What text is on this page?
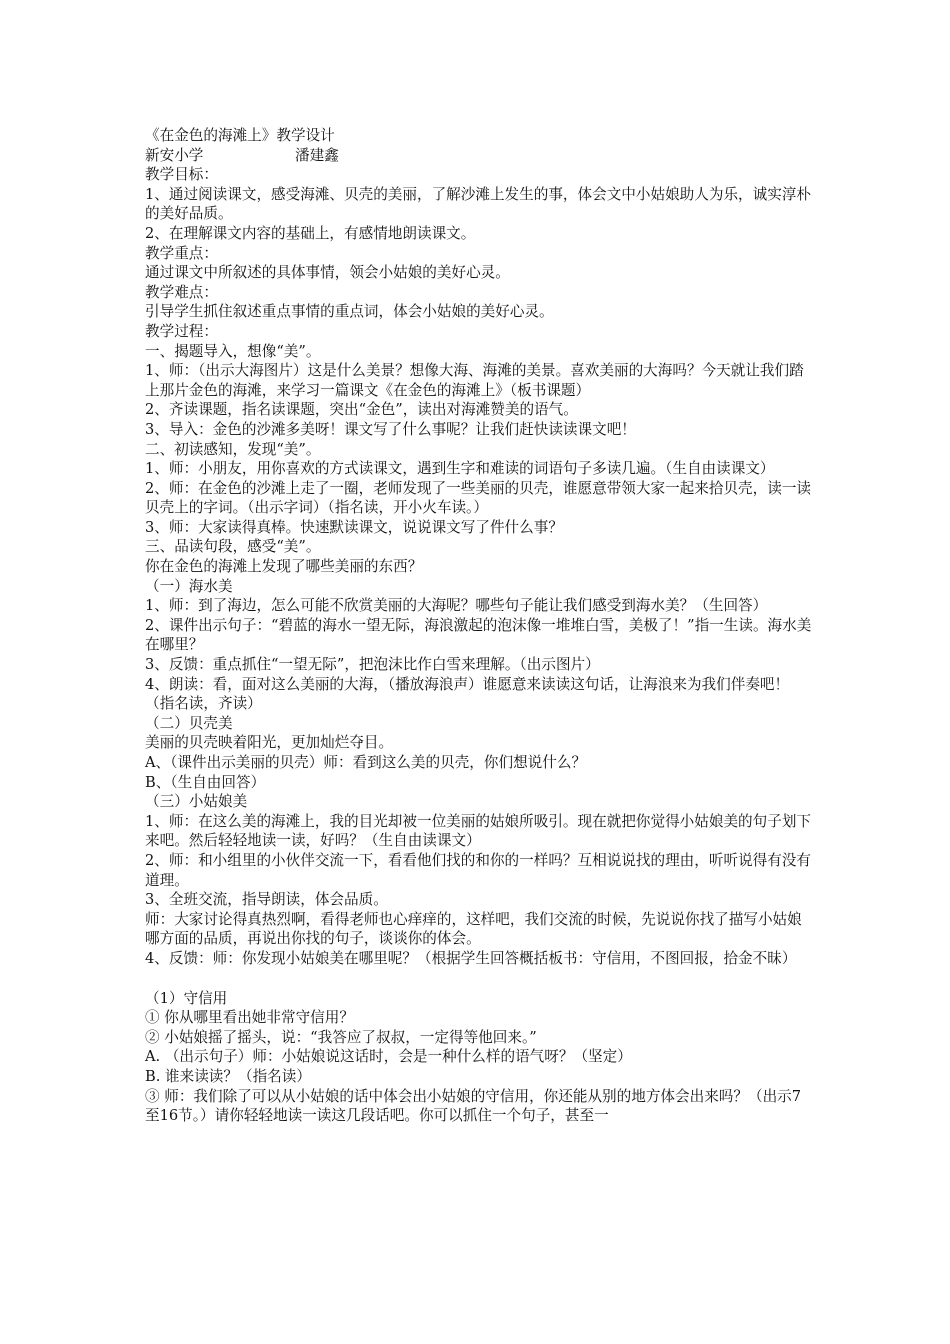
《在金色的海滩上》教学设计
新安小学	潘建鑫
教学目标：
1、通过阅读课文，感受海滩、贝壳的美丽，了解沙滩上发生的事，体会文中小姑娘助人为乐，诚实淳朴的美好品质。
2、在理解课文内容的基础上，有感情地朗读课文。
教学重点：
通过课文中所叙述的具体事情，领会小姑娘的美好心灵。
教学难点：
引导学生抓住叙述重点事情的重点词，体会小姑娘的美好心灵。
教学过程：
一、揭题导入，想像“美”。
1、师：（出示大海图片）这是什么美景？想像大海、海滩的美景。喜欢美丽的大海吗？今天就让我们踏上那片金色的海滩，来学习一篇课文《在金色的海滩上》（板书课题）
2、齐读课题，指名读课题，突出“金色”，读出对海滩赞美的语气。
3、导入：金色的沙滩多美呀！课文写了什么事呢？让我们赶快读读课文吧！
二、初读感知，发现“美”。
1、师：小朋友，用你喜欢的方式读课文，遇到生字和难读的词语句子多读几遍。（生自由读课文）
2、师：在金色的沙滩上走了一圈，老师发现了一些美丽的贝壳，谁愿意带领大家一起来拾贝壳，读一读贝壳上的字词。（出示字词）（指名读，开小火车读。）
3、师：大家读得真棒。快速默读课文，说说课文写了件什么事？
三、品读句段，感受“美”。
你在金色的海滩上发现了哪些美丽的东西？
（一）海水美
1、师：到了海边，怎么可能不欣赏美丽的大海呢？哪些句子能让我们感受到海水美？（生回答）
2、课件出示句子：“碧蓝的海水一望无际，海浪激起的泡沫像一堆堆白雪，美极了！”指一生读。海水美在哪里？
3、反馈：重点抓住“一望无际”，把泡沫比作白雪来理解。（出示图片）
4、朗读：看，面对这么美丽的大海，（播放海浪声）谁愿意来读读这句话，让海浪来为我们伴奏吧！（指名读，齐读）
（二）贝壳美
美丽的贝壳映着阳光，更加灿烂夺目。
A、（课件出示美丽的贝壳）师：看到这么美的贝壳，你们想说什么？
B、（生自由回答）
（三）小姑娘美
1、师：在这么美的海滩上，我的目光却被一位美丽的姑娘所吸引。现在就把你觉得小姑娘美的句子划下来吧。然后轻轻地读一读，好吗？（生自由读课文）
2、师：和小组里的小伙伴交流一下，看看他们找的和你的一样吗？互相说说找的理由，听听说得有没有道理。
3、全班交流，指导朗读，体会品质。
师：大家讨论得真热烈啊，看得老师也心痒痒的，这样吧，我们交流的时候，先说说你找了描写小姑娘哪方面的品质，再说出你找的句子，谈谈你的体会。
4、反馈：师：你发现小姑娘美在哪里呢？（根据学生回答概括板书：守信用，不图回报，拾金不昧）
（1）守信用
① 你从哪里看出她非常守信用？
② 小姑娘摇了摇头，说：“我答应了叔叔，一定得等他回来。”
A. （出示句子）师：小姑娘说这话时，会是一种什么样的语气呀？（坚定）
B. 谁来读读？（指名读）
③ 师：我们除了可以从小姑娘的话中体会出小姑娘的守信用，你还能从别的地方体会出来吗？（出示7至16节。）请你轻轻地读一读这几段话吧。你可以抓住一个句子，甚至一
